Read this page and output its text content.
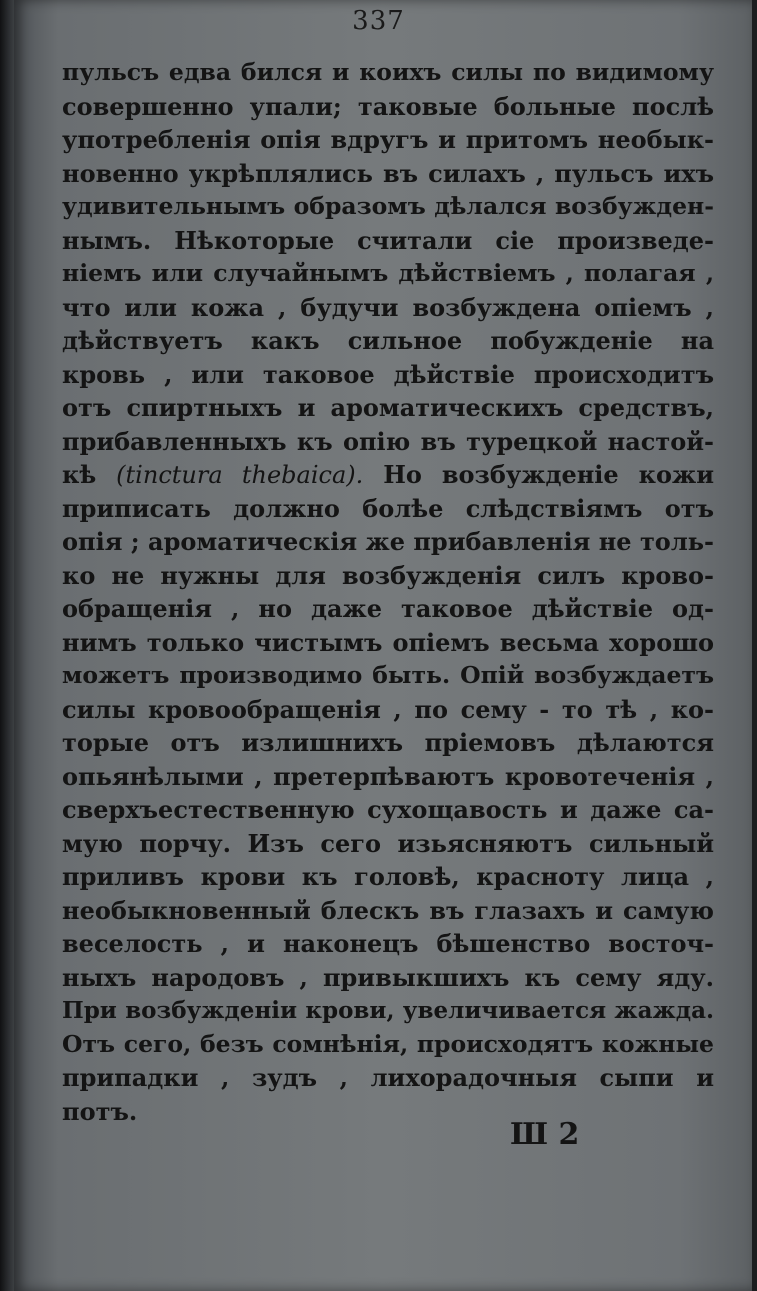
337
пульсъ едва бился и коихъ силы по видимому
совершенно упали; таковые больные послѣ
употребленія опія вдругъ и притомъ необык-
новенно укрѣплялись въ силахъ , пульсъ ихъ
удивительнымъ образомъ дѣлался возбужден-
нымъ. Нѣкоторые считали сіе произведе-
ніемъ или случайнымъ дѣйствіемъ , полагая ,
что или кожа , будучи возбуждена опіемъ ,
дѣйствуетъ какъ сильное побужденіе на
кровь , или таковое дѣйствіе происходитъ
отъ спиртныхъ и ароматическихъ средствъ,
прибавленныхъ къ опію въ турецкой настой-
кѣ (tinctura thebaica). Но возбужденіе кожи
приписать должно болѣе слѣдствіямъ отъ
опія ; ароматическія же прибавленія не толь-
ко не нужны для возбужденія силъ крово-
обращенія , но даже таковое дѣйствіе од-
нимъ только чистымъ опіемъ весьма хорошо
можетъ производимо быть. Опій возбуждаетъ
силы кровообращенія , по сему - то тѣ , ко-
торые отъ излишнихъ пріемовъ дѣлаются
опьянѣлыми , претерпѣваютъ кровотеченія ,
сверхъестественную сухощавость и даже са-
мую порчу. Изъ сего изьясняютъ сильный
приливъ крови къ головѣ, красноту лица ,
необыкновенный блескъ въ глазахъ и самую
веселость , и наконецъ бѣшенство восточ-
ныхъ народовъ , привыкшихъ къ сему яду.
При возбужденіи крови, увеличивается жажда.
Отъ сего, безъ сомнѣнія, происходятъ кожные
припадки , зудъ , лихорадочныя сыпи и
потъ.
Ш 2
